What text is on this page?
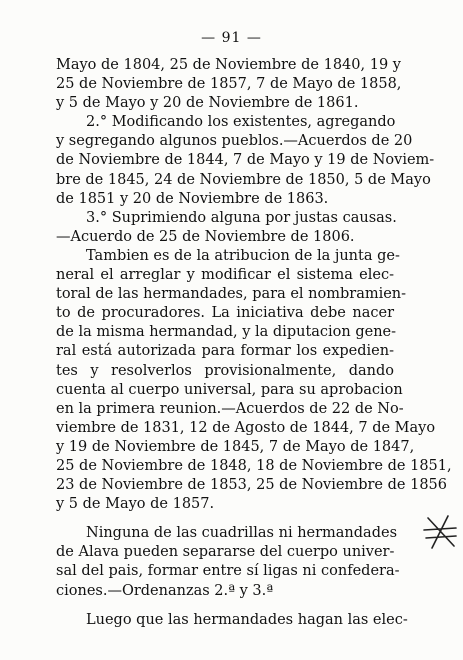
— 91 —
Mayo de 1804, 25 de Noviembre de 1840, 19 y
25 de Noviembre de 1857, 7 de Mayo de 1858,
y 5 de Mayo y 20 de Noviembre de 1861.
2.° Modificando los existentes, agregando
y segregando algunos pueblos.—Acuerdos de 20
de Noviembre de 1844, 7 de Mayo y 19 de Noviem-
bre de 1845, 24 de Noviembre de 1850, 5 de Mayo
de 1851 y 20 de Noviembre de 1863.
3.° Suprimiendo alguna por justas causas.
—Acuerdo de 25 de Noviembre de 1806.
Tambien es de la atribucion de la junta ge-
neral el arreglar y modificar el sistema elec-
toral de las hermandades, para el nombramien-
to de procuradores. La iniciativa debe nacer
de la misma hermandad, y la diputacion gene-
ral está autorizada para formar los expedien-
tes y resolverlos provisionalmente, dando
cuenta al cuerpo universal, para su aprobacion
en la primera reunion.—Acuerdos de 22 de No-
viembre de 1831, 12 de Agosto de 1844, 7 de Mayo
y 19 de Noviembre de 1845, 7 de Mayo de 1847,
25 de Noviembre de 1848, 18 de Noviembre de 1851,
23 de Noviembre de 1853, 25 de Noviembre de 1856
y 5 de Mayo de 1857.
Ninguna de las cuadrillas ni hermandades
de Alava pueden separarse del cuerpo univer-
sal del pais, formar entre sí ligas ni confedera-
ciones.—Ordenanzas 2.ª y 3.ª
Luego que las hermandades hagan las elec-
